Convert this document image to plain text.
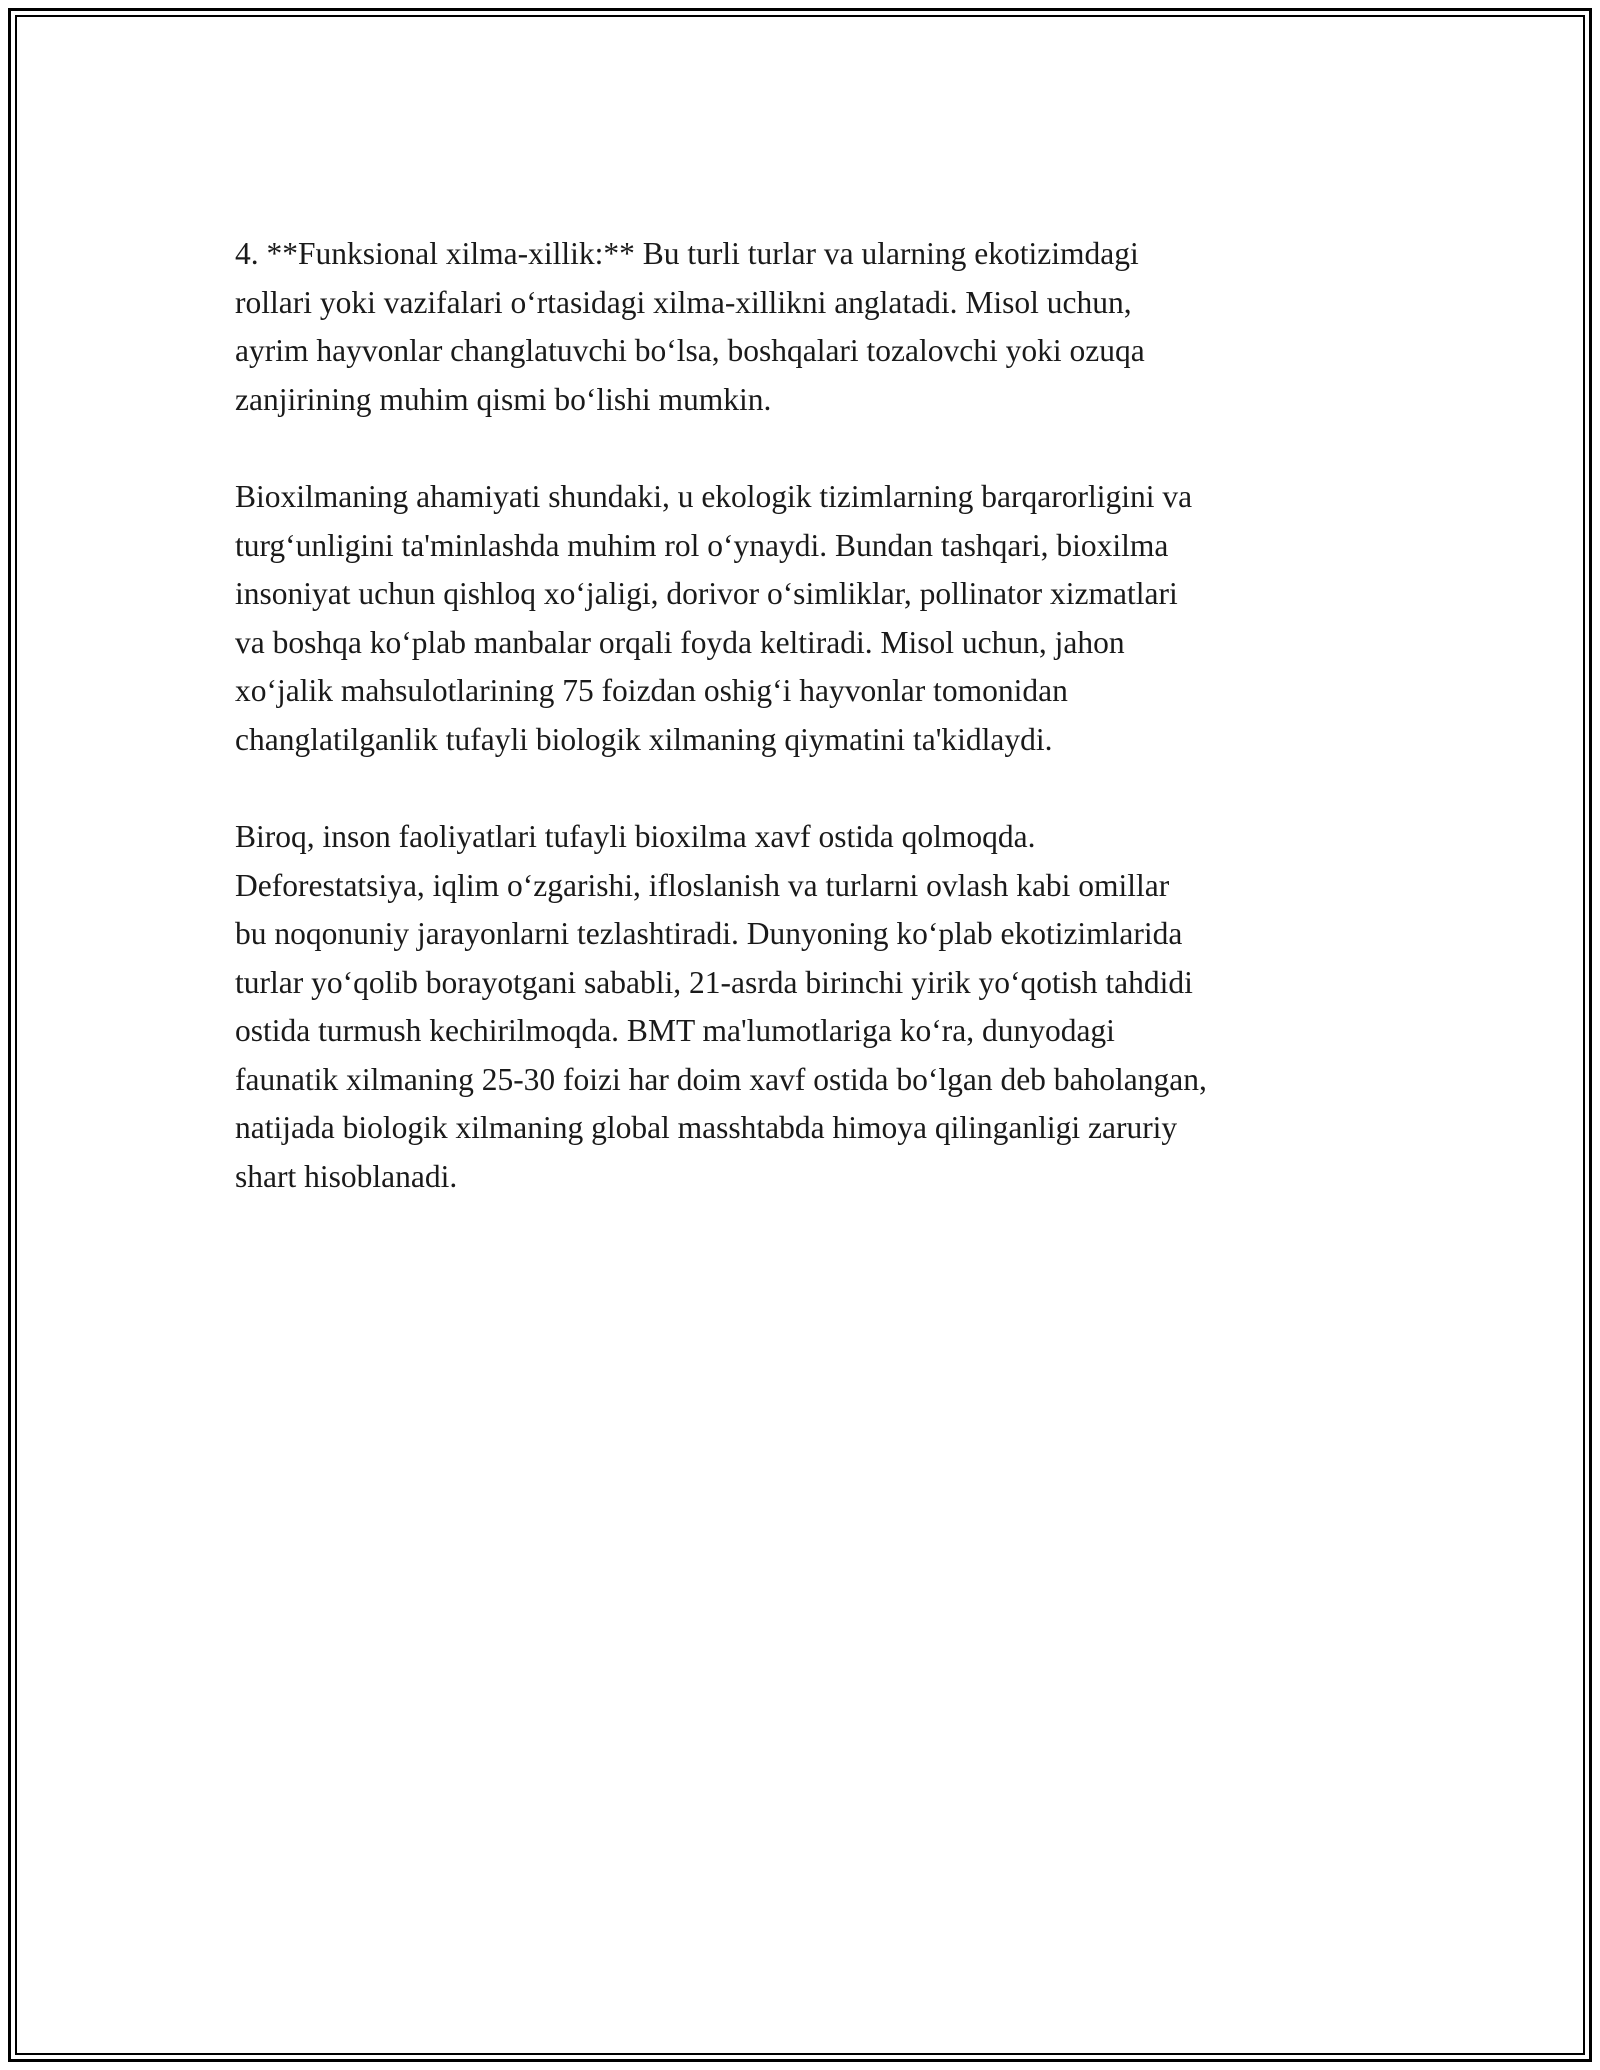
4. **Funksional xilma-xillik:** Bu turli turlar va ularning ekotizimdagi
rollari yoki vazifalari o‘rtasidagi xilma-xillikni anglatadi. Misol uchun,
ayrim hayvonlar changlatuvchi bo‘lsa, boshqalari tozalovchi yoki ozuqa
zanjirining muhim qismi bo‘lishi mumkin.

Bioxilmaning ahamiyati shundaki, u ekologik tizimlarning barqarorligini va
turg‘unligini ta'minlashda muhim rol o‘ynaydi. Bundan tashqari, bioxilma
insoniyat uchun qishloq xo‘jaligi, dorivor o‘simliklar, pollinator xizmatlari
va boshqa ko‘plab manbalar orqali foyda keltiradi. Misol uchun, jahon
xo‘jalik mahsulotlarining 75 foizdan oshig‘i hayvonlar tomonidan
changlatilganlik tufayli biologik xilmaning qiymatini ta'kidlaydi.

Biroq, inson faoliyatlari tufayli bioxilma xavf ostida qolmoqda.
Deforestatsiya, iqlim o‘zgarishi, ifloslanish va turlarni ovlash kabi omillar
bu noqonuniy jarayonlarni tezlashtiradi. Dunyoning ko‘plab ekotizimlarida
turlar yo‘qolib borayotgani sababli, 21-asrda birinchi yirik yo‘qotish tahdidi
ostida turmush kechirilmoqda. BMT ma'lumotlariga ko‘ra, dunyodagi
faunatik xilmaning 25-30 foizi har doim xavf ostida bo‘lgan deb baholangan,
natijada biologik xilmaning global masshtabda himoya qilinganligi zaruriy
shart hisoblanadi.
